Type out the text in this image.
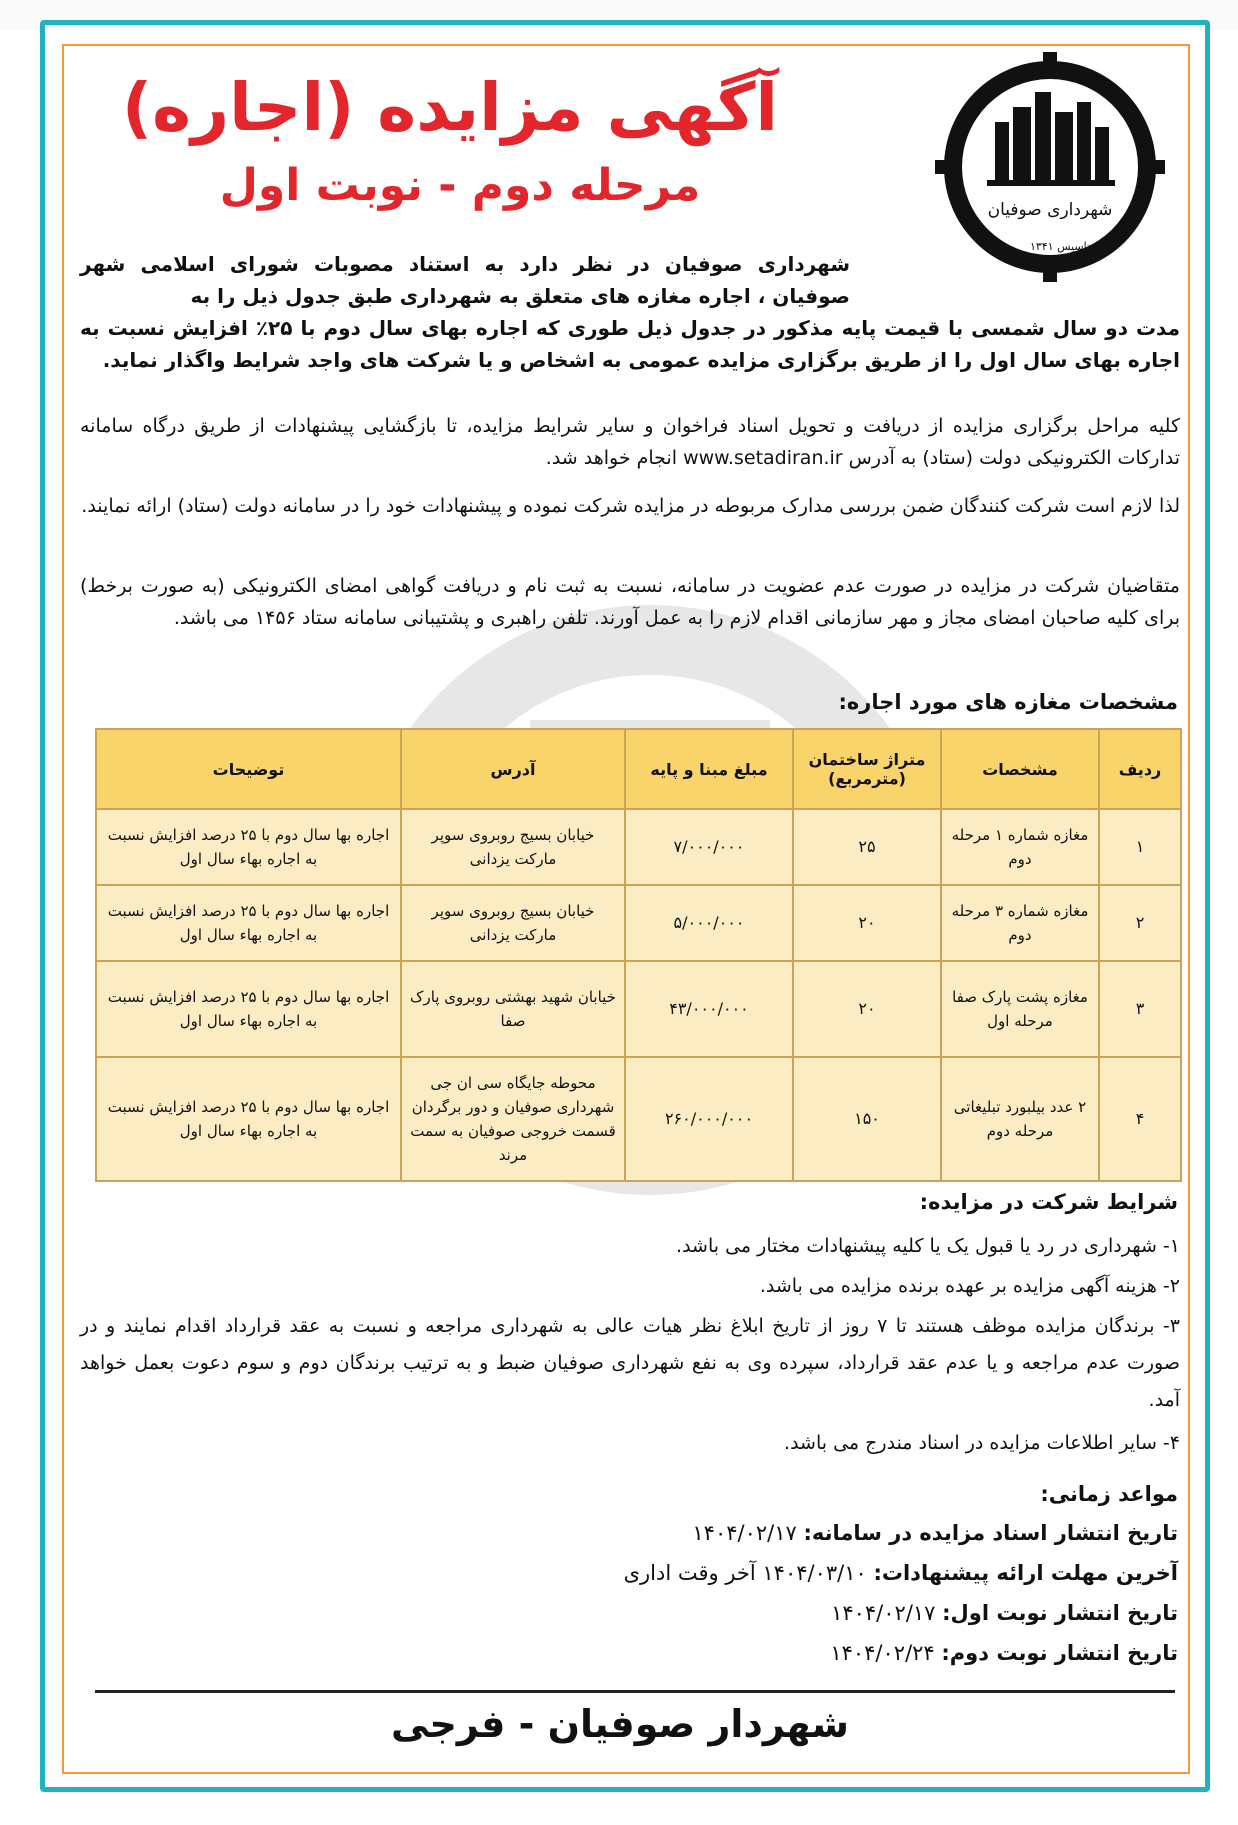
شهرداری صوفیان
تاسیس ۱۳۴۱
آگهی مزایده (اجاره)
مرحله دوم - نوبت اول
شهرداری صوفیان در نظر دارد به استناد مصوبات شورای اسلامی شهر صوفیان ، اجاره مغازه های متعلق به شهرداری طبق جدول ذیل را به
مدت دو سال شمسی با قیمت پایه مذکور در جدول ذیل طوری که اجاره بهای سال دوم با ۲۵٪ افزایش نسبت به اجاره بهای سال اول را از طریق برگزاری مزایده عمومی به اشخاص و یا شرکت های واجد شرایط واگذار نماید.
کلیه مراحل برگزاری مزایده از دریافت و تحویل اسناد فراخوان و سایر شرایط مزایده، تا بازگشایی پیشنهادات از طریق درگاه سامانه تدارکات الکترونیکی دولت (ستاد) به آدرس www.setadiran.ir انجام خواهد شد.
لذا لازم است شرکت کنندگان ضمن بررسی مدارک مربوطه در مزایده شرکت نموده و پیشنهادات خود را در سامانه دولت (ستاد) ارائه نمایند.
متقاضیان شرکت در مزایده در صورت عدم عضویت در سامانه، نسبت به ثبت نام و دریافت گواهی امضای الکترونیکی (به صورت برخط) برای کلیه صاحبان امضای مجاز و مهر سازمانی اقدام لازم را به عمل آورند. تلفن راهبری و پشتیبانی سامانه ستاد ۱۴۵۶ می باشد.
مشخصات مغازه های مورد اجاره:
ردیف	مشخصات	متراژ ساختمان (مترمربع)	مبلغ مبنا و پایه	آدرس	توضیحات
۱	مغازه شماره ۱ مرحله دوم	۲۵	۷/۰۰۰/۰۰۰	خیابان بسیج روبروی سوپر مارکت یزدانی	اجاره بها سال دوم با ۲۵ درصد افزایش نسبت به اجاره بهاء سال اول
۲	مغازه شماره ۳ مرحله دوم	۲۰	۵/۰۰۰/۰۰۰	خیابان بسیج روبروی سوپر مارکت یزدانی	اجاره بها سال دوم با ۲۵ درصد افزایش نسبت به اجاره بهاء سال اول
۳	مغازه پشت پارک صفا مرحله اول	۲۰	۴۳/۰۰۰/۰۰۰	خیابان شهید بهشتی روبروی پارک صفا	اجاره بها سال دوم با ۲۵ درصد افزایش نسبت به اجاره بهاء سال اول
۴	۲ عدد بیلبورد تبلیغاتی مرحله دوم	۱۵۰	۲۶۰/۰۰۰/۰۰۰	محوطه جایگاه سی ان جی شهرداری صوفیان و دور برگردان قسمت خروجی صوفیان به سمت مرند	اجاره بها سال دوم با ۲۵ درصد افزایش نسبت به اجاره بهاء سال اول
شرایط شرکت در مزایده:
۱- شهرداری در رد یا قبول یک یا کلیه پیشنهادات مختار می باشد.
۲- هزینه آگهی مزایده بر عهده برنده مزایده می باشد.
۳- برندگان مزایده موظف هستند تا ۷ روز از تاریخ ابلاغ نظر هیات عالی به شهرداری مراجعه و نسبت به عقد قرارداد اقدام نمایند و در صورت عدم مراجعه و یا عدم عقد قرارداد، سپرده وی به نفع شهرداری صوفیان ضبط و به ترتیب برندگان دوم و سوم دعوت بعمل خواهد آمد.
۴- سایر اطلاعات مزایده در اسناد مندرج می باشد.
مواعد زمانی:
تاریخ انتشار اسناد مزایده در سامانه: ۱۴۰۴/۰۲/۱۷
آخرین مهلت ارائه پیشنهادات: ۱۴۰۴/۰۳/۱۰ آخر وقت اداری
تاریخ انتشار نوبت اول: ۱۴۰۴/۰۲/۱۷
تاریخ انتشار نوبت دوم: ۱۴۰۴/۰۲/۲۴
شهردار صوفیان - فرجی
